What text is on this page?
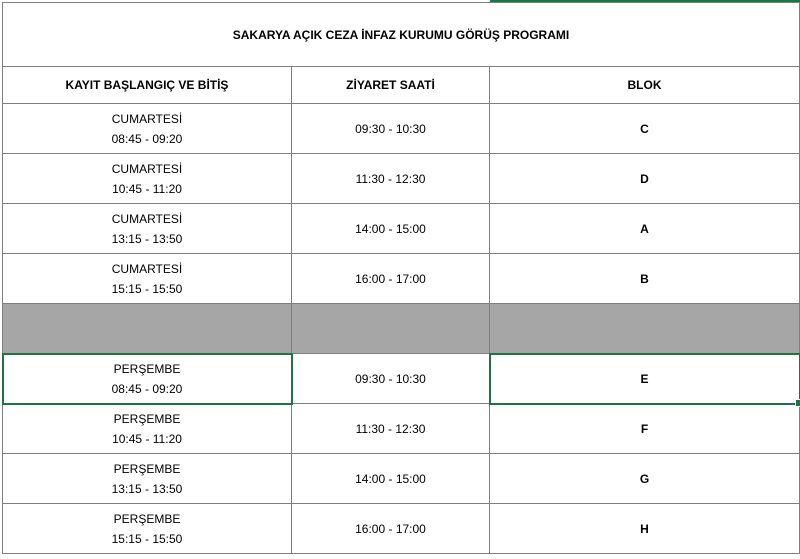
SAKARYA AÇIK CEZA İNFAZ KURUMU GÖRÜŞ PROGRAMI		
KAYIT BAŞLANGIÇ VE BİTİŞ	ZİYARET SAATİ	BLOK

CUMARTESİ
08:45 - 09:20	09:30 - 10:30	C

CUMARTESİ
10:45 - 11:20	11:30 - 12:30	D

CUMARTESİ
13:15 - 13:50	14:00 - 15:00	A

CUMARTESİ
15:15 - 15:50	16:00 - 17:00	B

PERŞEMBE
08:45 - 09:20	09:30 - 10:30	E

PERŞEMBE
10:45 - 11:20	11:30 - 12:30	F

PERŞEMBE
13:15 - 13:50	14:00 - 15:00	G

PERŞEMBE
15:15 - 15:50	16:00 - 17:00	H
